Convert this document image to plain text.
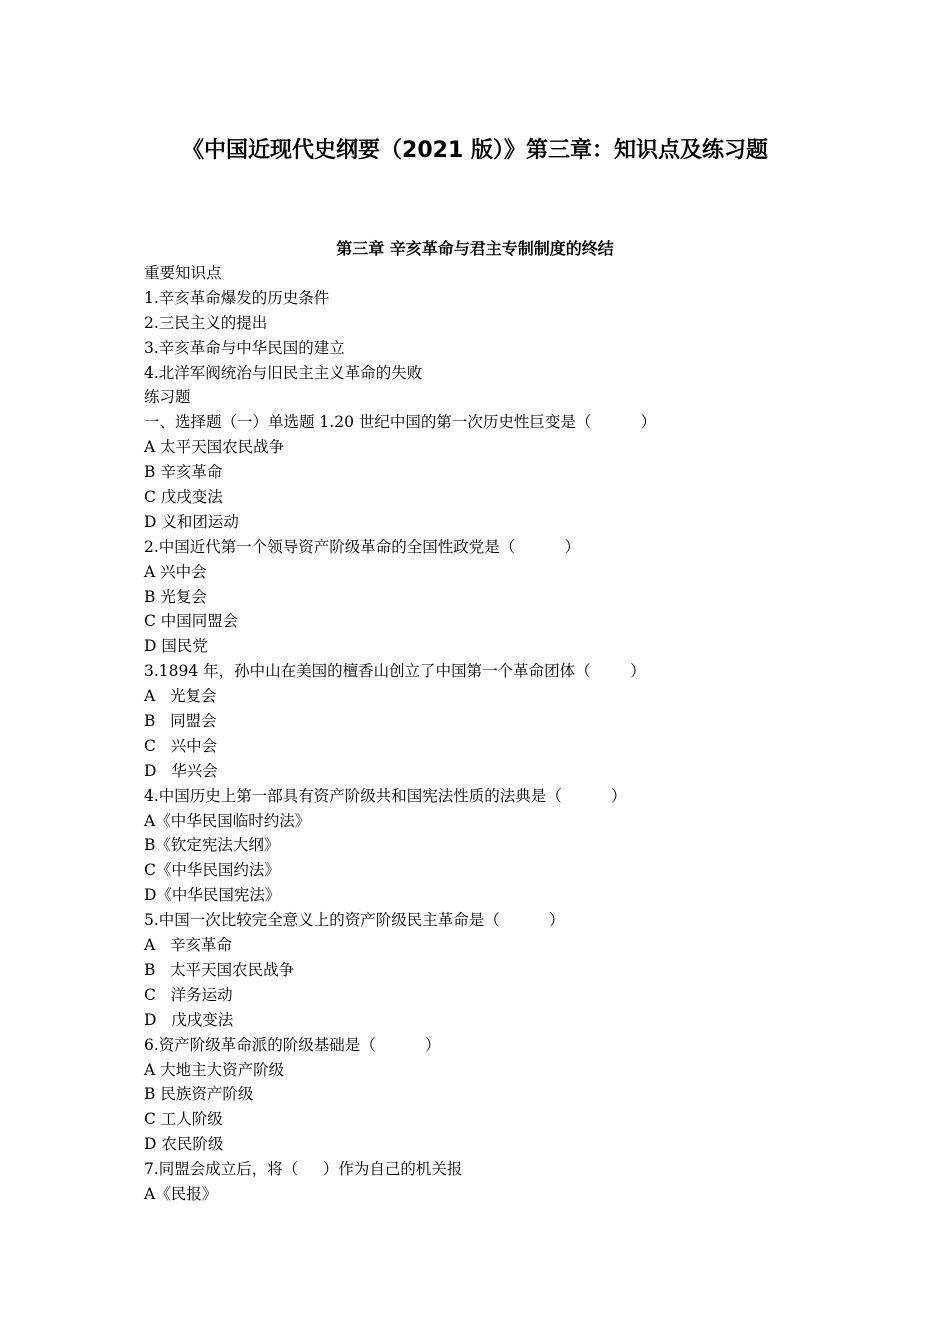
《中国近现代史纲要（2021 版）》第三章：知识点及练习题
第三章 辛亥革命与君主专制制度的终结
重要知识点
1.辛亥革命爆发的历史条件
2.三民主义的提出
3.辛亥革命与中华民国的建立
4.北洋军阀统治与旧民主主义革命的失败
练习题
一、选择题（一）单选题 1.20 世纪中国的第一次历史性巨变是（          ）
A 太平天国农民战争
B 辛亥革命
C 戊戌变法
D 义和团运动
2.中国近代第一个领导资产阶级革命的全国性政党是（          ）
A 兴中会
B 光复会
C 中国同盟会
D 国民党
3.1894 年，孙中山在美国的檀香山创立了中国第一个革命团体（        ）
A   光复会
B   同盟会
C   兴中会
D   华兴会
4.中国历史上第一部具有资产阶级共和国宪法性质的法典是（          ）
A《中华民国临时约法》
B《钦定宪法大纲》
C《中华民国约法》
D《中华民国宪法》
5.中国一次比较完全意义上的资产阶级民主革命是（          ）
A   辛亥革命
B   太平天国农民战争
C   洋务运动
D   戊戌变法
6.资产阶级革命派的阶级基础是（          ）
A 大地主大资产阶级
B 民族资产阶级
C 工人阶级
D 农民阶级
7.同盟会成立后，将（     ）作为自己的机关报
A《民报》
